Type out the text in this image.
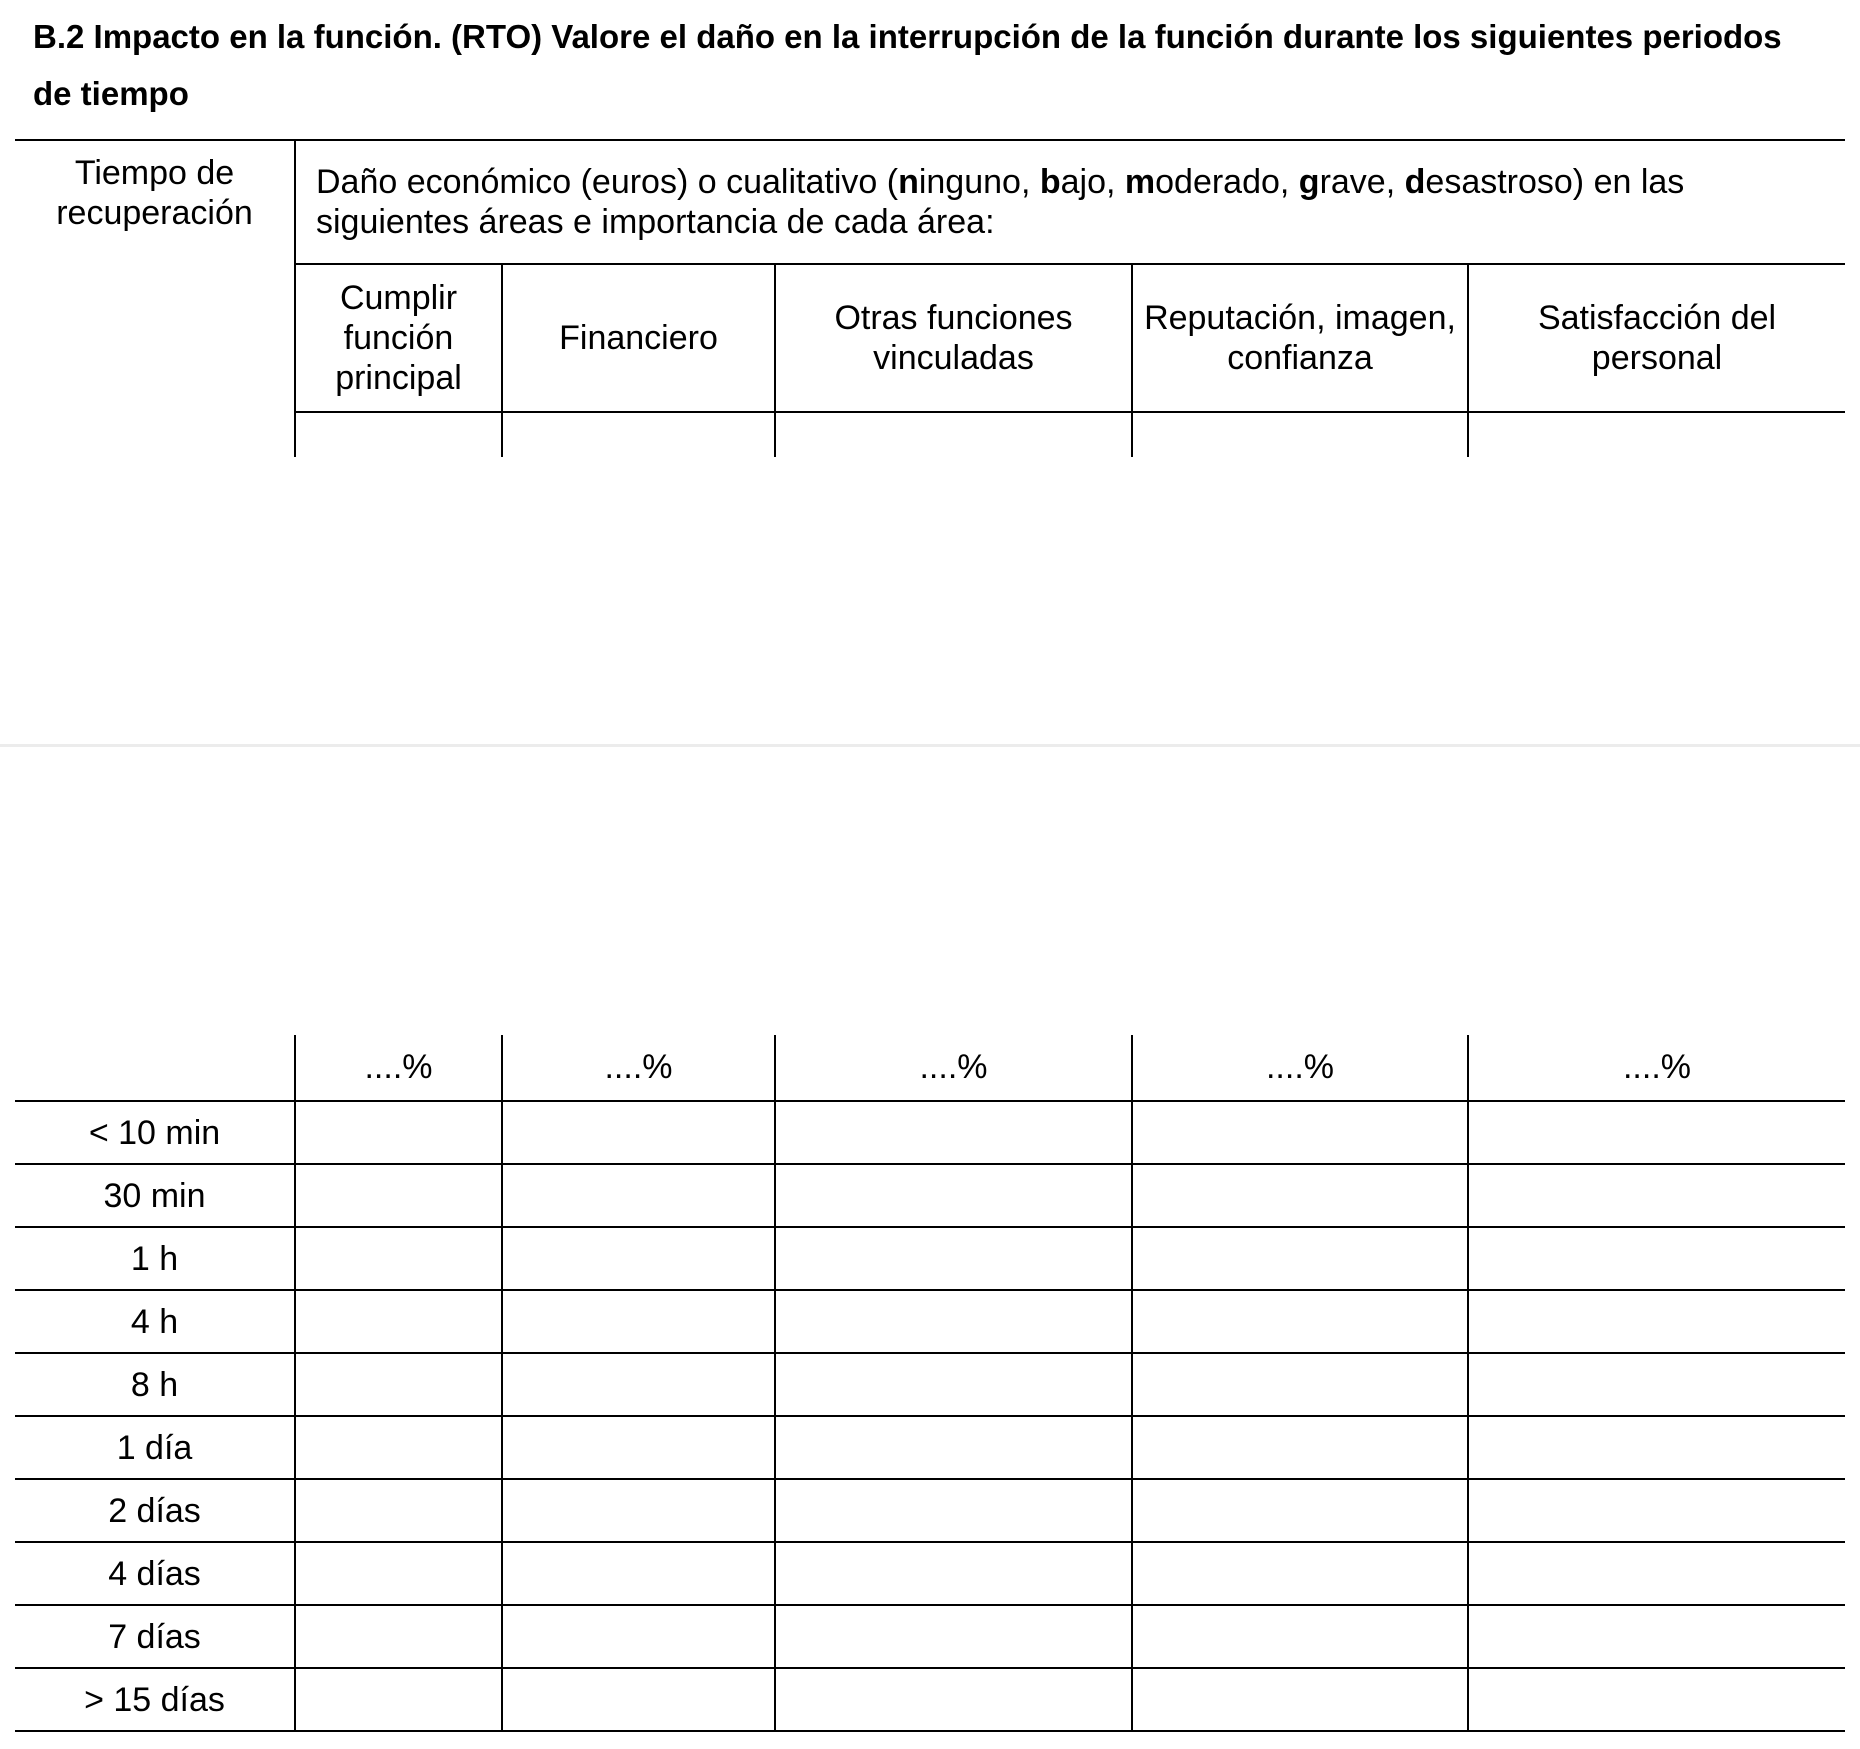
B.2 Impacto en la función. (RTO) Valore el daño en la interrupción de la función durante los siguientes periodos de tiempo
Tiempo de recuperación	Daño económico (euros) o cualitativo (ninguno, bajo, moderado, grave, desastroso) en las siguientes áreas e importancia de cada área:				
	Cumplir función principal	Financiero	Otras funciones vinculadas	Reputación, imagen, confianza	Satisfacción del personal

	....%	....%	....%	....%	....%
< 10 min					
30 min					
1 h					
4 h					
8 h					
1 día					
2 días					
4 días					
7 días					
> 15 días					
